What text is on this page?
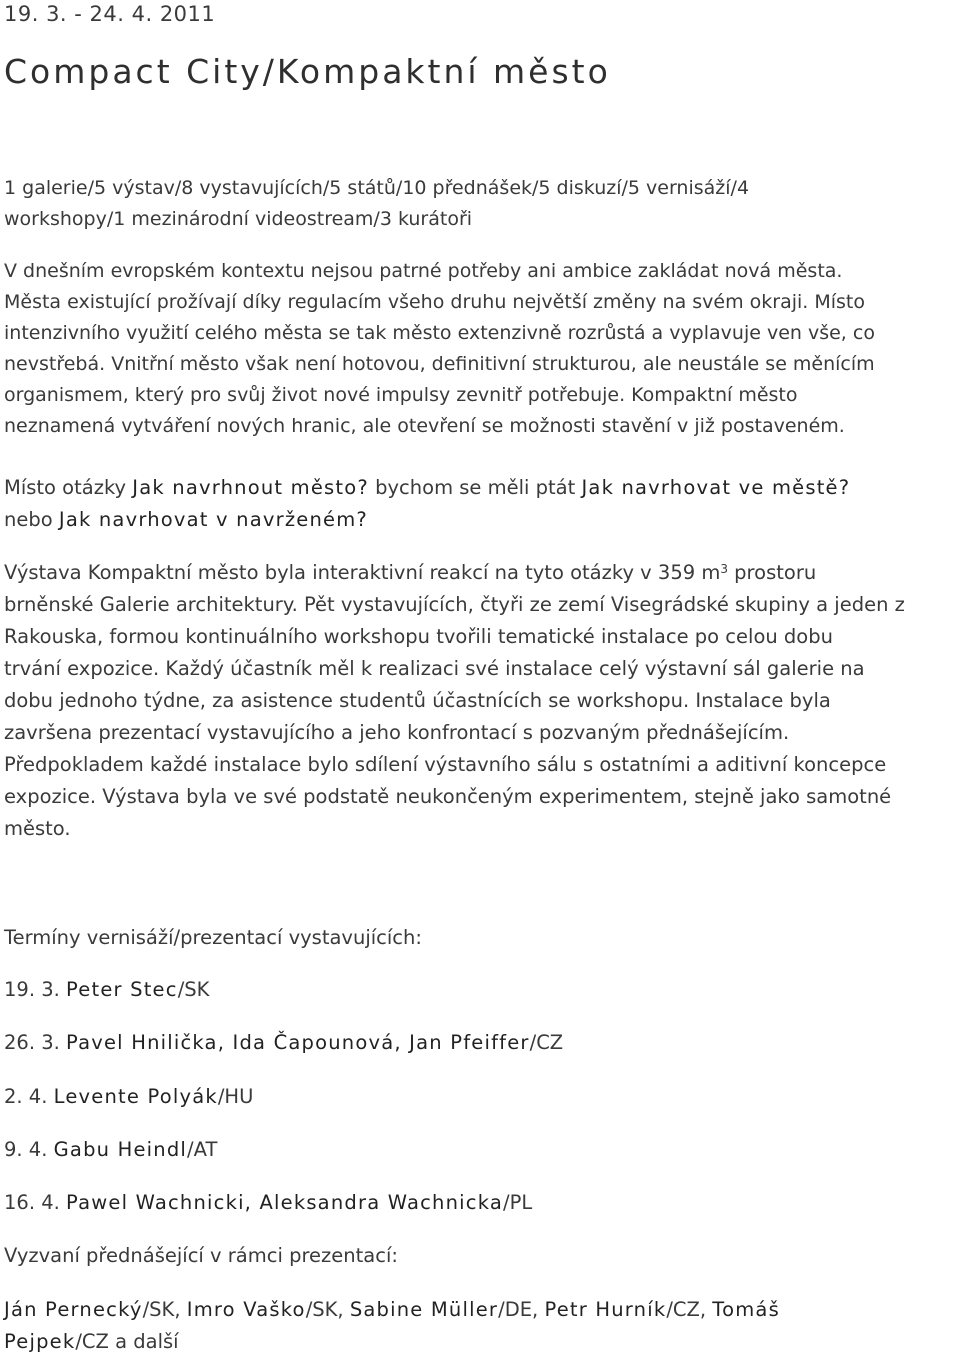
19. 3. - 24. 4. 2011
Compact City/Kompaktní město
1 galerie/5 výstav/8 vystavujících/5 států/10 přednášek/5 diskuzí/5 vernisáží/4
workshopy/1 mezinárodní videostream/3 kurátoři
V dnešním evropském kontextu nejsou patrné potřeby ani ambice zakládat nová města.
Města existující prožívají díky regulacím všeho druhu největší změny na svém okraji. Místo
intenzivního využití celého města se tak město extenzivně rozrůstá a vyplavuje ven vše, co
nevstřebá. Vnitřní město však není hotovou, definitivní strukturou, ale neustále se měnícím
organismem, který pro svůj život nové impulsy zevnitř potřebuje. Kompaktní město
neznamená vytváření nových hranic, ale otevření se možnosti stavění v již postaveném.
Místo otázky Jak navrhnout město? bychom se měli ptát Jak navrhovat ve městě?
nebo Jak navrhovat v navrženém?
Výstava Kompaktní město byla interaktivní reakcí na tyto otázky v 359 $m^3$ prostoru
brněnské Galerie architektury. Pět vystavujících, čtyři ze zemí Visegrádské skupiny a jeden z
Rakouska, formou kontinuálního workshopu tvořili tematické instalace po celou dobu
trvání expozice. Každý účastník měl k realizaci své instalace celý výstavní sál galerie na
dobu jednoho týdne, za asistence studentů účastnících se workshopu. Instalace byla
završena prezentací vystavujícího a jeho konfrontací s pozvaným přednášejícím.
Předpokladem každé instalace bylo sdílení výstavního sálu s ostatními a aditivní koncepce
expozice. Výstava byla ve své podstatě neukončeným experimentem, stejně jako samotné
město.
Termíny vernisáží/prezentací vystavujících:
19. 3. Peter Stec/SK
26. 3. Pavel Hnilička, Ida Čapounová, Jan Pfeiffer/CZ
2. 4. Levente Polyák/HU
9. 4. Gabu Heindl/AT
16. 4. Pawel Wachnicki, Aleksandra Wachnicka/PL
Vyzvaní přednášející v rámci prezentací:
Ján Pernecký/SK, Imro Vaško/SK, Sabine Müller/DE, Petr Hurník/CZ, Tomáš
Pejpek/CZ a další
